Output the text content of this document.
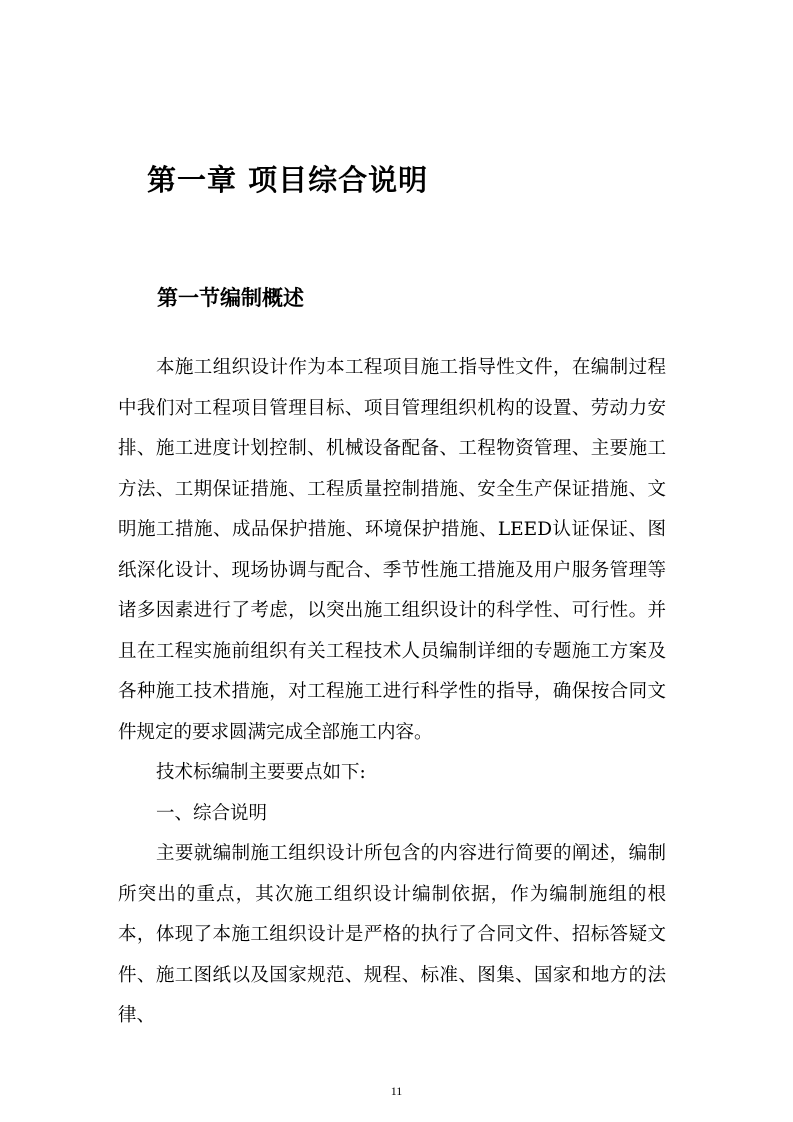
第一章 项目综合说明
第一节编制概述

本施工组织设计作为本工程项目施工指导性文件，在编制过程中我们对工程项目管理目标、项目管理组织机构的设置、劳动力安排、施工进度计划控制、机械设备配备、工程物资管理、主要施工方法、工期保证措施、工程质量控制措施、安全生产保证措施、文明施工措施、成品保护措施、环境保护措施、LEED认证保证、图纸深化设计、现场协调与配合、季节性施工措施及用户服务管理等诸多因素进行了考虑，以突出施工组织设计的科学性、可行性。并且在工程实施前组织有关工程技术人员编制详细的专题施工方案及各种施工技术措施，对工程施工进行科学性的指导，确保按合同文件规定的要求圆满完成全部施工内容。

技术标编制主要要点如下:

一、综合说明

主要就编制施工组织设计所包含的内容进行简要的阐述，编制所突出的重点，其次施工组织设计编制依据，作为编制施组的根本，体现了本施工组织设计是严格的执行了合同文件、招标答疑文件、施工图纸以及国家规范、规程、标准、图集、国家和地方的法律、

11
